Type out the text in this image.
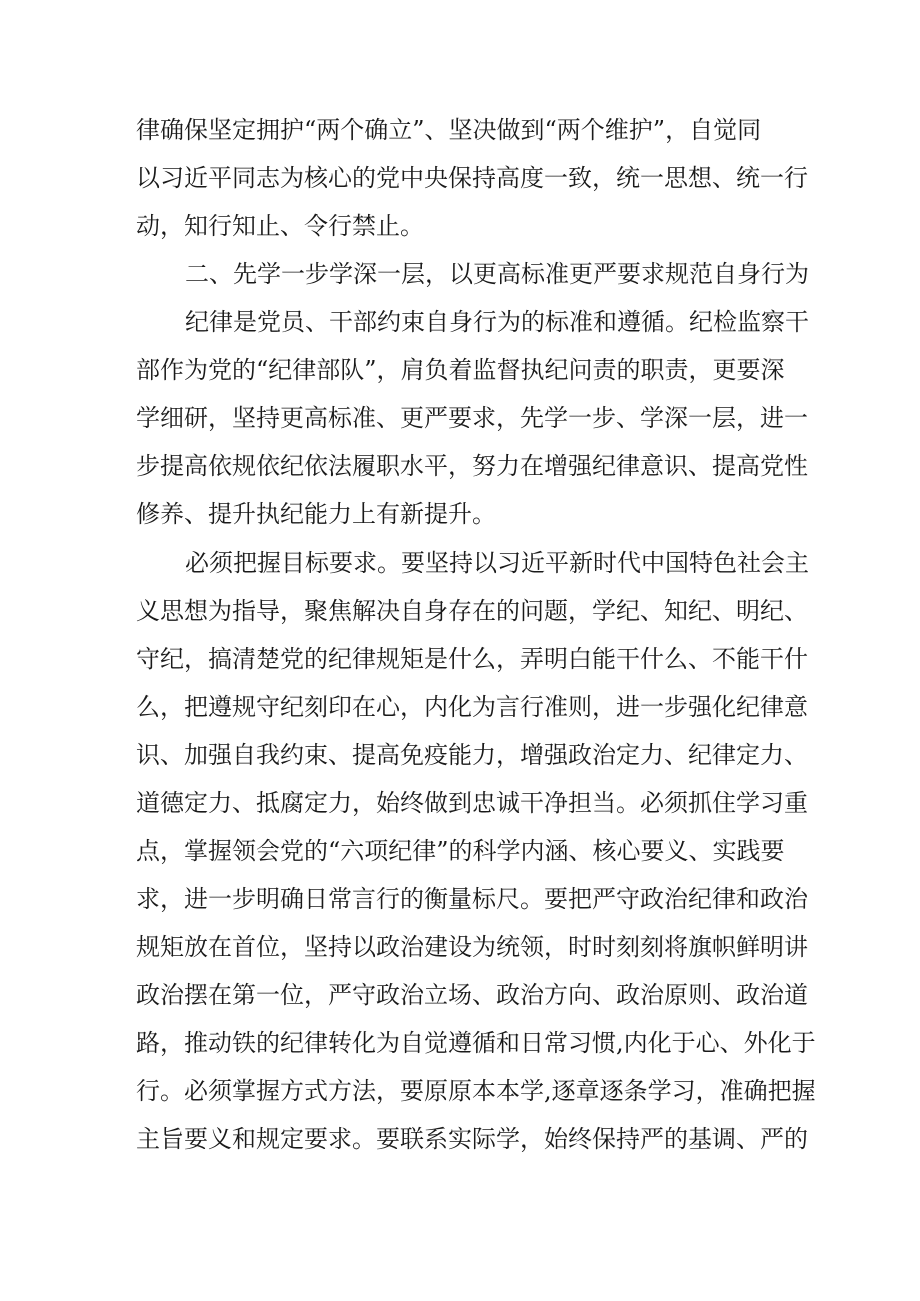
律确保坚定拥护“两个确立”、坚决做到“两个维护”，自觉同

以习近平同志为核心的党中央保持高度一致，统一思想、统一行

动，知行知止、令行禁止。

二、先学一步学深一层，以更高标准更严要求规范自身行为

纪律是党员、干部约束自身行为的标准和遵循。纪检监察干

部作为党的“纪律部队”，肩负着监督执纪问责的职责，更要深

学细研，坚持更高标准、更严要求，先学一步、学深一层，进一

步提高依规依纪依法履职水平，努力在增强纪律意识、提高党性

修养、提升执纪能力上有新提升。

必须把握目标要求。要坚持以习近平新时代中国特色社会主

义思想为指导，聚焦解决自身存在的问题，学纪、知纪、明纪、

守纪，搞清楚党的纪律规矩是什么，弄明白能干什么、不能干什

么，把遵规守纪刻印在心，内化为言行准则，进一步强化纪律意

识、加强自我约束、提高免疫能力，增强政治定力、纪律定力、

道德定力、抵腐定力，始终做到忠诚干净担当。必须抓住学习重

点，掌握领会党的“六项纪律”的科学内涵、核心要义、实践要

求，进一步明确日常言行的衡量标尺。要把严守政治纪律和政治

规矩放在首位，坚持以政治建设为统领，时时刻刻将旗帜鲜明讲

政治摆在第一位，严守政治立场、政治方向、政治原则、政治道

路，推动铁的纪律转化为自觉遵循和日常习惯,内化于心、外化于

行。必须掌握方式方法，要原原本本学,逐章逐条学习，准确把握

主旨要义和规定要求。要联系实际学，始终保持严的基调、严的
